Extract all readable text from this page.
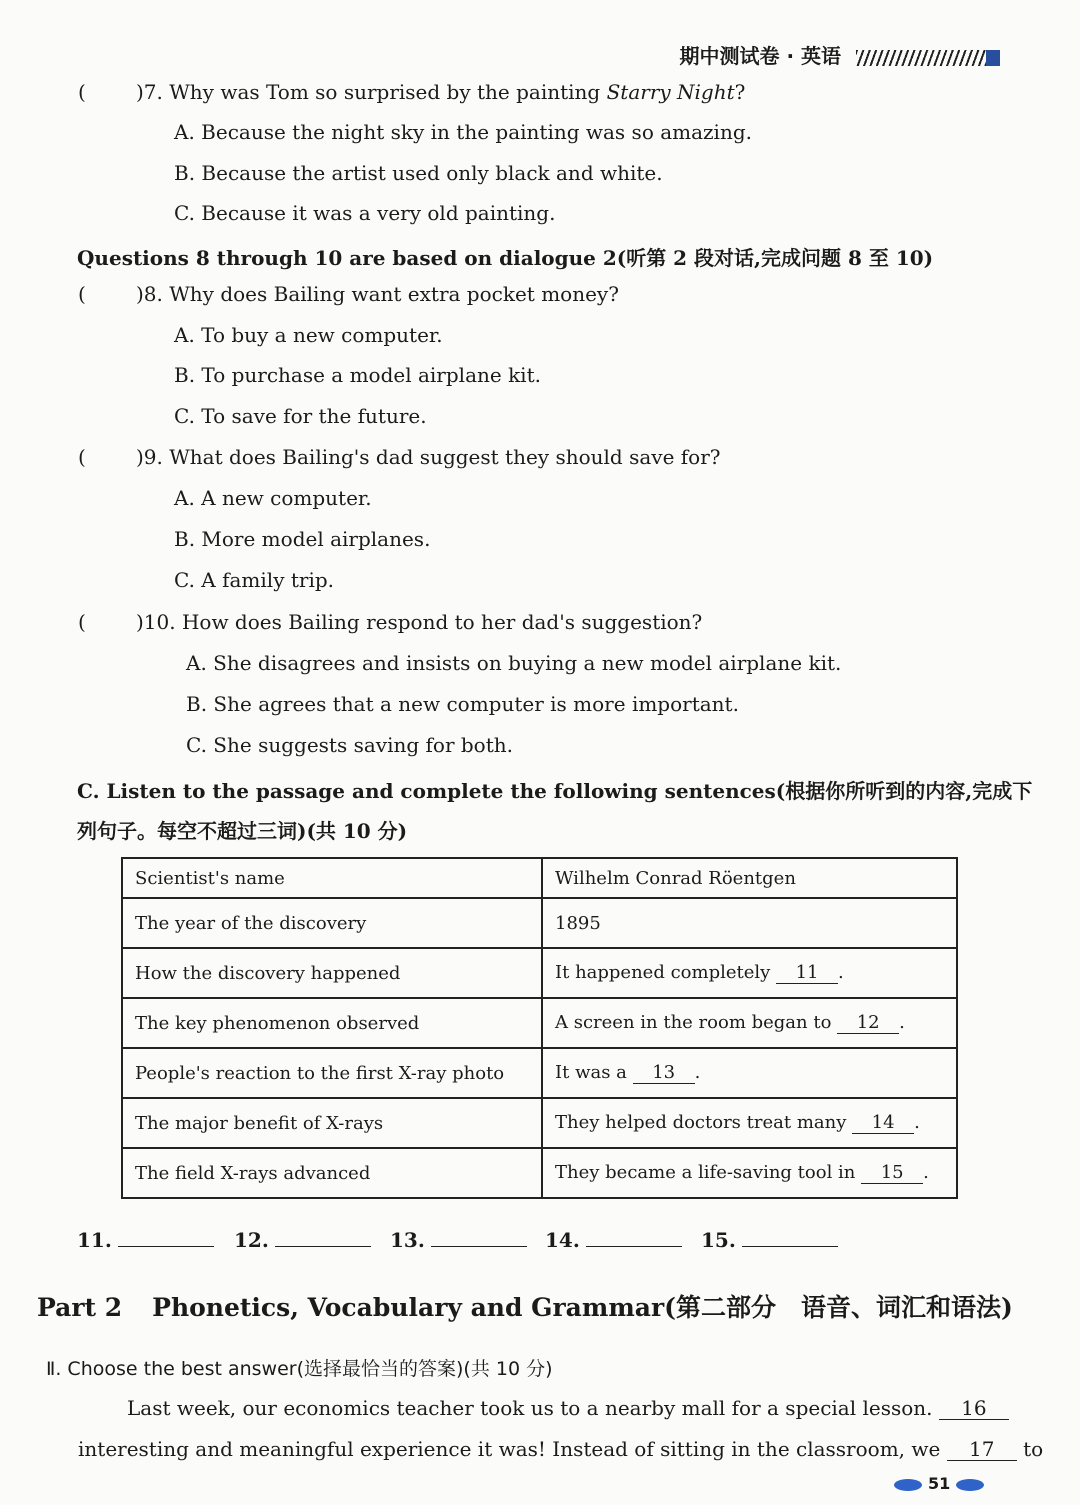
期中测试卷 · 英语
(	)7. Why was Tom so surprised by the painting Starry Night?
A. Because the night sky in the painting was so amazing.
B. Because the artist used only black and white.
C. Because it was a very old painting.
Questions 8 through 10 are based on dialogue 2(听第 2 段对话,完成问题 8 至 10)
(	)8. Why does Bailing want extra pocket money?
A. To buy a new computer.
B. To purchase a model airplane kit.
C. To save for the future.
(	)9. What does Bailing's dad suggest they should save for?
A. A new computer.
B. More model airplanes.
C. A family trip.
(	)10. How does Bailing respond to her dad's suggestion?
A. She disagrees and insists on buying a new model airplane kit.
B. She agrees that a new computer is more important.
C. She suggests saving for both.
C. Listen to the passage and complete the following sentences(根据你所听到的内容,完成下
列句子。每空不超过三词)(共 10 分)
Scientist's name	Wilhelm Conrad Röentgen
The year of the discovery	1895
How the discovery happened	It happened completely 11 .
The key phenomenon observed	A screen in the room began to 12 .
People's reaction to the first X-ray photo	It was a 13 .
The major benefit of X-rays	They helped doctors treat many 14 .
The field X-rays advanced	They became a life-saving tool in 15 .
11.	12.	13.	14.	15.
Part 2 Phonetics, Vocabulary and Grammar(第二部分　语音、词汇和语法)
Ⅱ. Choose the best answer(选择最恰当的答案)(共 10 分)
Last week, our economics teacher took us to a nearby mall for a special lesson. 16
interesting and meaningful experience it was! Instead of sitting in the classroom, we 17 to
51
